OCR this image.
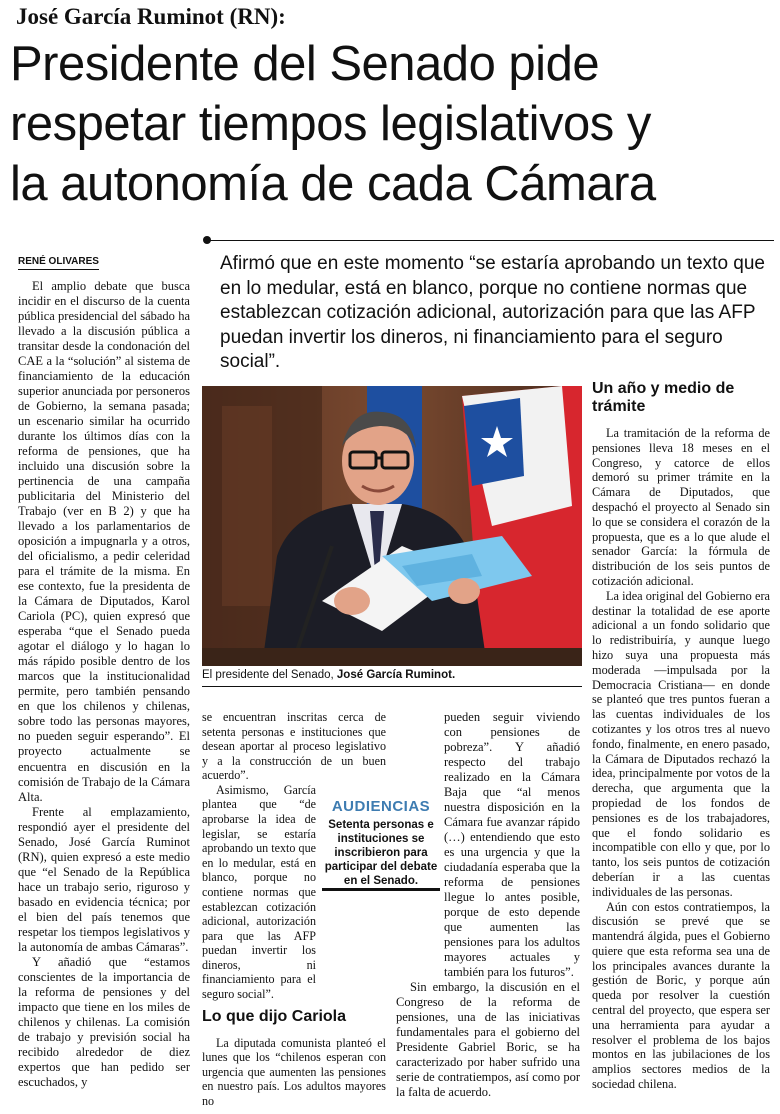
José García Ruminot (RN):
Presidente del Senado pide
respetar tiempos legislativos y
la autonomía de cada Cámara
RENÉ OLIVARES	Afirmó que en este momento “se estaría aprobando un texto que en lo medular, está en blanco, porque no contiene normas que establezcan cotización adicional, autorización para que las AFP puedan invertir los dineros, ni financiamiento para el seguro social”.

El amplio debate que busca incidir en el discurso de la cuenta pública presidencial del sábado ha llevado a la discusión pública a transitar desde la condonación del CAE a la “solución” al sistema de financiamiento de la educación superior anunciada por personeros de Gobierno, la semana pasada; un escenario similar ha ocurrido durante los últimos días con la reforma de pensiones, que ha incluido una discusión sobre la pertinencia de una campaña publicitaria del Ministerio del Trabajo (ver en B 2) y que ha llevado a los parlamentarios de oposición a impugnarla y a otros, del oficialismo, a pedir celeridad para el trámite de la misma. En ese contexto, fue la presidenta de la Cámara de Diputados, Karol Cariola (PC), quien expresó que esperaba “que el Senado pueda agotar el diálogo y lo hagan lo más rápido posible dentro de los marcos que la institucionalidad permite, pero también pensando en que los chilenos y chilenas, sobre todo las personas mayores, no pueden seguir esperando”. El proyecto actualmente se encuentra en discusión en la comisión de Trabajo de la Cámara Alta.

Frente al emplazamiento, respondió ayer el presidente del Senado, José García Ruminot (RN), quien expresó a este medio que “el Senado de la República hace un trabajo serio, riguroso y basado en evidencia técnica; por el bien del país tenemos que respetar los tiempos legislativos y la autonomía de ambas Cámaras”.

Y añadió que “estamos conscientes de la importancia de la reforma de pensiones y del impacto que tiene en los miles de chilenos y chilenas. La comisión de trabajo y previsión social ha recibido alrededor de diez expertos que han pedido ser escuchados, y

El presidente del Senado, José García Ruminot.

se encuentran inscritas cerca de setenta personas e instituciones que desean aportar al proceso legislativo y a la construcción de un buen acuerdo”.

Asimismo, García plantea que “de aprobarse la idea de legislar, se estaría aprobando un texto que en lo medular, está en blanco, porque no contiene normas que establezcan cotización adicional, autorización para que las AFP puedan invertir los dineros, ni financiamiento para el seguro social”.

Lo que dijo Cariola

La diputada comunista planteó el lunes que los “chilenos esperan con urgencia que aumenten las pensiones en nuestro país. Los adultos mayores no

pueden seguir viviendo con pensiones de pobreza”. Y añadió respecto del trabajo realizado en la Cámara Baja que “al menos nuestra disposición en la Cámara fue avanzar rápido (…) entendiendo que esto es una urgencia y que la ciudadanía esperaba que la reforma de pensiones llegue lo antes posible, porque de esto depende que aumenten las pensiones para los adultos mayores actuales y también para los futuros”.

Sin embargo, la discusión en el Congreso de la reforma de pensiones, una de las iniciativas fundamentales para el gobierno del Presidente Gabriel Boric, se ha caracterizado por haber sufrido una serie de contratiempos, así como por la falta de acuerdo.

AUDIENCIAS
Setenta personas e instituciones se inscribieron para participar del debate en el Senado.
Un año y medio de trámite

La tramitación de la reforma de pensiones lleva 18 meses en el Congreso, y catorce de ellos demoró su primer trámite en la Cámara de Diputados, que despachó el proyecto al Senado sin lo que se considera el corazón de la propuesta, que es a lo que alude el senador García: la fórmula de distribución de los seis puntos de cotización adicional.

La idea original del Gobierno era destinar la totalidad de ese aporte adicional a un fondo solidario que lo redistribuiría, y aunque luego hizo suya una propuesta más moderada —impulsada por la Democracia Cristiana— en donde se planteó que tres puntos fueran a las cuentas individuales de los cotizantes y los otros tres al nuevo fondo, finalmente, en enero pasado, la Cámara de Diputados rechazó la idea, principalmente por votos de la derecha, que argumenta que la propiedad de los fondos de pensiones es de los trabajadores, que el fondo solidario es incompatible con ello y que, por lo tanto, los seis puntos de cotización deberían ir a las cuentas individuales de las personas.

Aún con estos contratiempos, la discusión se prevé que se mantendrá álgida, pues el Gobierno quiere que esta reforma sea una de los principales avances durante la gestión de Boric, y porque aún queda por resolver la cuestión central del proyecto, que espera ser una herramienta para ayudar a resolver el problema de los bajos montos en las jubilaciones de los amplios sectores medios de la sociedad chilena.
